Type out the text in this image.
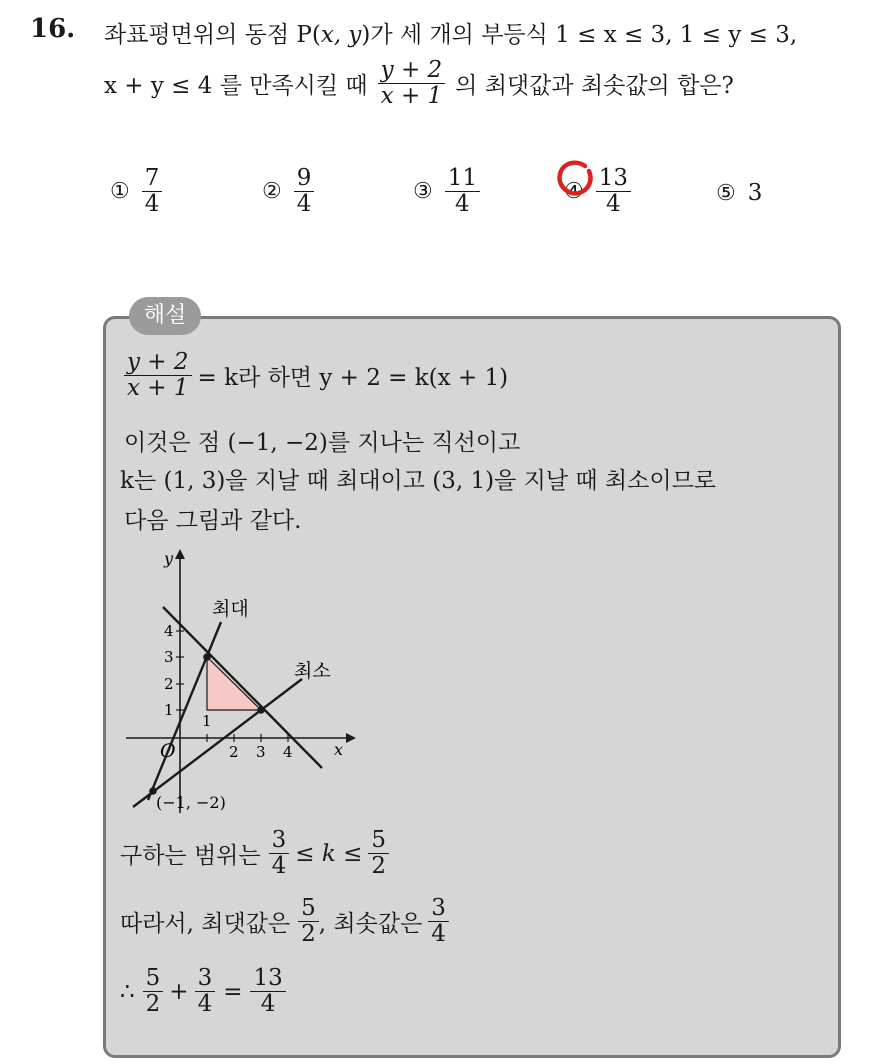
16. 좌표평면위의 동점 P(x, y)가 세 개의 부등식 1 ≤ x ≤ 3, 1 ≤ y ≤ 3,
x + y ≤ 4 를 만족시킬 때 $\frac{y + 2}{x + 1}$ 의 최댓값과 최솟값의 합은?
① $\frac{7}{4}$	② $\frac{9}{4}$	③ $\frac{11}{4}$	④ $\frac{13}{4}$	⑤ 3
해설
$\frac{y + 2}{x + 1} = k$라 하면 y + 2 = k(x + 1)
이것은 점 (−1, −2)를 지나는 직선이고
k는 (1, 3)을 지날 때 최대이고 (3, 1)을 지날 때 최소이므로
다음 그림과 같다.
y
x
O
1
2 3 4
1
2
3
4
최대
최소
(−1, −2)
구하는 범위는 $\frac{3}{4} \le k \le \frac{5}{2}$
따라서, 최댓값은 $\frac{5}{2}$ , 최솟값은 $\frac{3}{4}$
∴ $\frac{5}{2} + \frac{3}{4} = \frac{13}{4}$
